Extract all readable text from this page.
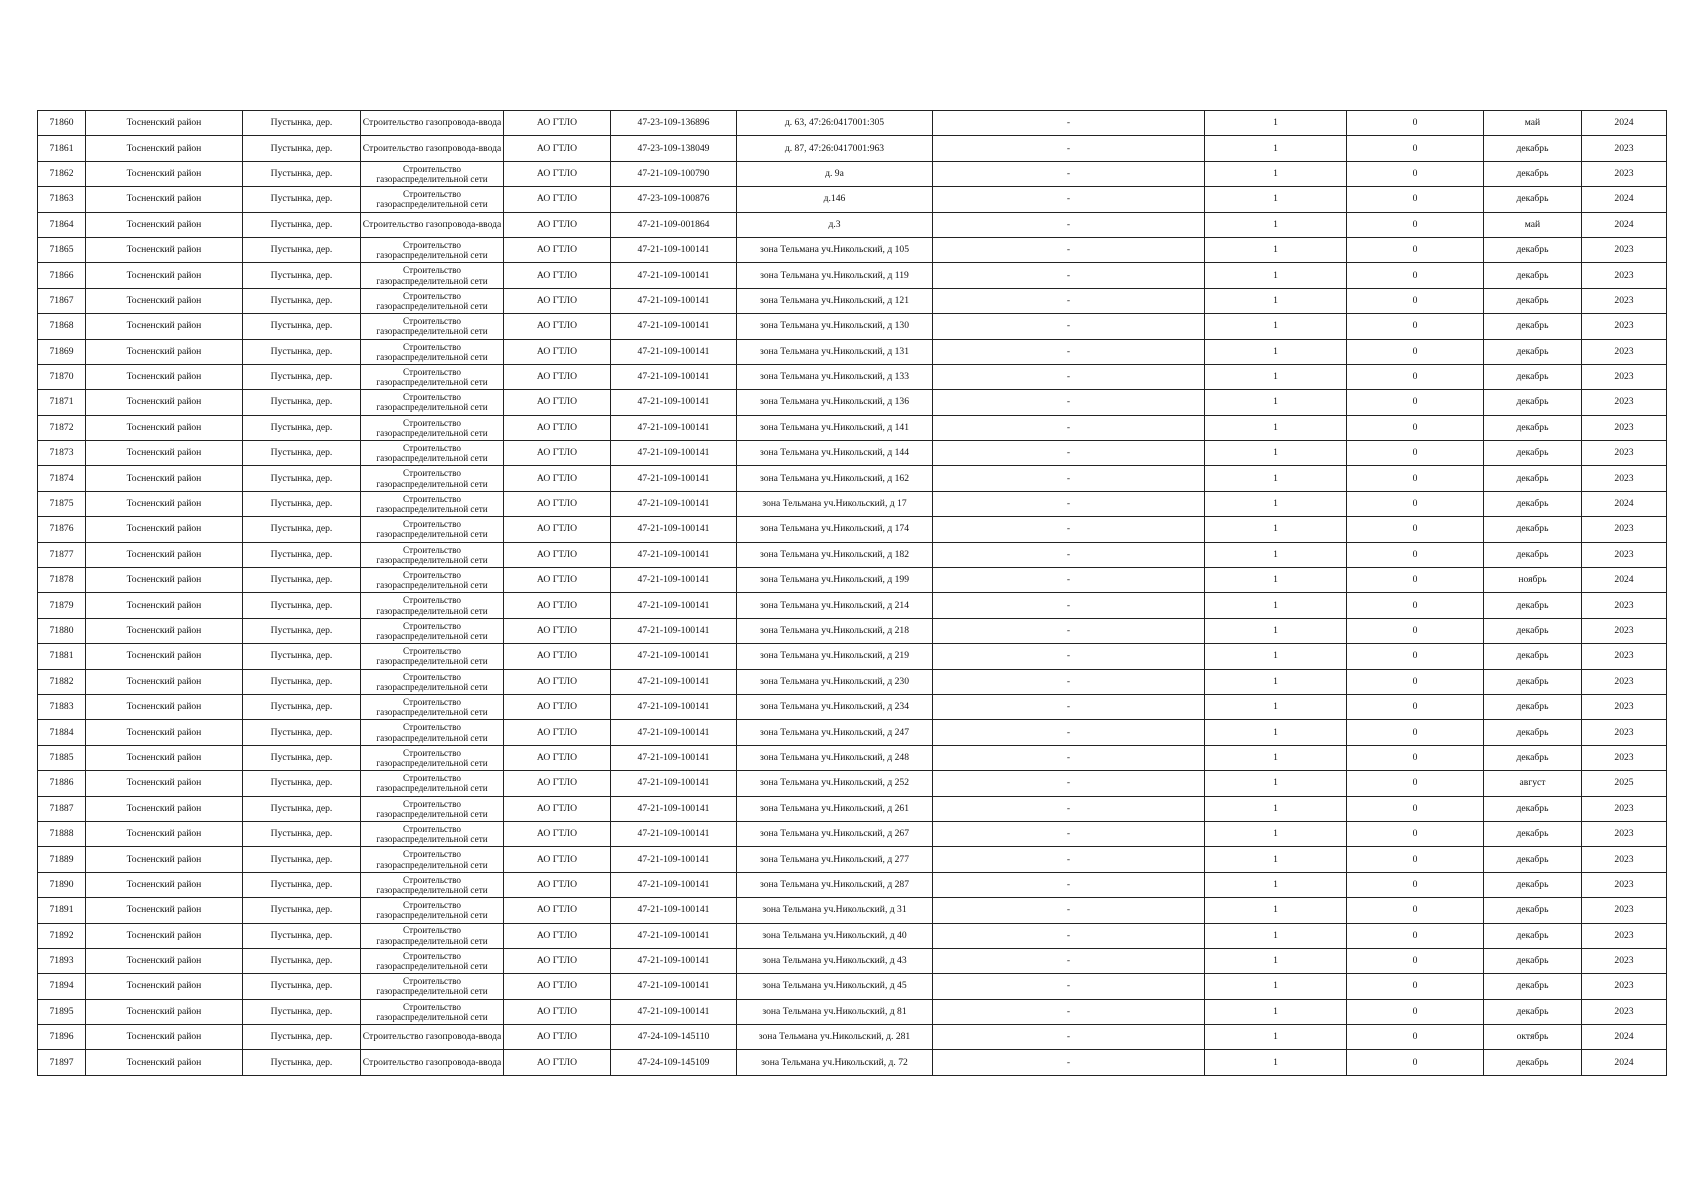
71860	Тосненский район	Пустынка, дер.	Строительство газопровода-ввода	АО ГТЛО	47-23-109-136896	д. 63, 47:26:0417001:305	-	1	0	май	2024
71861	Тосненский район	Пустынка, дер.	Строительство газопровода-ввода	АО ГТЛО	47-23-109-138049	д. 87, 47:26:0417001:963	-	1	0	декабрь	2023
71862	Тосненский район	Пустынка, дер.	Строительство газораспределительной сети	АО ГТЛО	47-21-109-100790	д. 9а	-	1	0	декабрь	2023
71863	Тосненский район	Пустынка, дер.	Строительство газораспределительной сети	АО ГТЛО	47-23-109-100876	д.146	-	1	0	декабрь	2024
71864	Тосненский район	Пустынка, дер.	Строительство газопровода-ввода	АО ГТЛО	47-21-109-001864	д.3	-	1	0	май	2024
71865	Тосненский район	Пустынка, дер.	Строительство газораспределительной сети	АО ГТЛО	47-21-109-100141	зона Тельмана уч.Никольский, д 105	-	1	0	декабрь	2023
71866	Тосненский район	Пустынка, дер.	Строительство газораспределительной сети	АО ГТЛО	47-21-109-100141	зона Тельмана уч.Никольский, д 119	-	1	0	декабрь	2023
71867	Тосненский район	Пустынка, дер.	Строительство газораспределительной сети	АО ГТЛО	47-21-109-100141	зона Тельмана уч.Никольский, д 121	-	1	0	декабрь	2023
71868	Тосненский район	Пустынка, дер.	Строительство газораспределительной сети	АО ГТЛО	47-21-109-100141	зона Тельмана уч.Никольский, д 130	-	1	0	декабрь	2023
71869	Тосненский район	Пустынка, дер.	Строительство газораспределительной сети	АО ГТЛО	47-21-109-100141	зона Тельмана уч.Никольский, д 131	-	1	0	декабрь	2023
71870	Тосненский район	Пустынка, дер.	Строительство газораспределительной сети	АО ГТЛО	47-21-109-100141	зона Тельмана уч.Никольский, д 133	-	1	0	декабрь	2023
71871	Тосненский район	Пустынка, дер.	Строительство газораспределительной сети	АО ГТЛО	47-21-109-100141	зона Тельмана уч.Никольский, д 136	-	1	0	декабрь	2023
71872	Тосненский район	Пустынка, дер.	Строительство газораспределительной сети	АО ГТЛО	47-21-109-100141	зона Тельмана уч.Никольский, д 141	-	1	0	декабрь	2023
71873	Тосненский район	Пустынка, дер.	Строительство газораспределительной сети	АО ГТЛО	47-21-109-100141	зона Тельмана уч.Никольский, д 144	-	1	0	декабрь	2023
71874	Тосненский район	Пустынка, дер.	Строительство газораспределительной сети	АО ГТЛО	47-21-109-100141	зона Тельмана уч.Никольский, д 162	-	1	0	декабрь	2023
71875	Тосненский район	Пустынка, дер.	Строительство газораспределительной сети	АО ГТЛО	47-21-109-100141	зона Тельмана уч.Никольский, д 17	-	1	0	декабрь	2024
71876	Тосненский район	Пустынка, дер.	Строительство газораспределительной сети	АО ГТЛО	47-21-109-100141	зона Тельмана уч.Никольский, д 174	-	1	0	декабрь	2023
71877	Тосненский район	Пустынка, дер.	Строительство газораспределительной сети	АО ГТЛО	47-21-109-100141	зона Тельмана уч.Никольский, д 182	-	1	0	декабрь	2023
71878	Тосненский район	Пустынка, дер.	Строительство газораспределительной сети	АО ГТЛО	47-21-109-100141	зона Тельмана уч.Никольский, д 199	-	1	0	ноябрь	2024
71879	Тосненский район	Пустынка, дер.	Строительство газораспределительной сети	АО ГТЛО	47-21-109-100141	зона Тельмана уч.Никольский, д 214	-	1	0	декабрь	2023
71880	Тосненский район	Пустынка, дер.	Строительство газораспределительной сети	АО ГТЛО	47-21-109-100141	зона Тельмана уч.Никольский, д 218	-	1	0	декабрь	2023
71881	Тосненский район	Пустынка, дер.	Строительство газораспределительной сети	АО ГТЛО	47-21-109-100141	зона Тельмана уч.Никольский, д 219	-	1	0	декабрь	2023
71882	Тосненский район	Пустынка, дер.	Строительство газораспределительной сети	АО ГТЛО	47-21-109-100141	зона Тельмана уч.Никольский, д 230	-	1	0	декабрь	2023
71883	Тосненский район	Пустынка, дер.	Строительство газораспределительной сети	АО ГТЛО	47-21-109-100141	зона Тельмана уч.Никольский, д 234	-	1	0	декабрь	2023
71884	Тосненский район	Пустынка, дер.	Строительство газораспределительной сети	АО ГТЛО	47-21-109-100141	зона Тельмана уч.Никольский, д 247	-	1	0	декабрь	2023
71885	Тосненский район	Пустынка, дер.	Строительство газораспределительной сети	АО ГТЛО	47-21-109-100141	зона Тельмана уч.Никольский, д 248	-	1	0	декабрь	2023
71886	Тосненский район	Пустынка, дер.	Строительство газораспределительной сети	АО ГТЛО	47-21-109-100141	зона Тельмана уч.Никольский, д 252	-	1	0	август	2025
71887	Тосненский район	Пустынка, дер.	Строительство газораспределительной сети	АО ГТЛО	47-21-109-100141	зона Тельмана уч.Никольский, д 261	-	1	0	декабрь	2023
71888	Тосненский район	Пустынка, дер.	Строительство газораспределительной сети	АО ГТЛО	47-21-109-100141	зона Тельмана уч.Никольский, д 267	-	1	0	декабрь	2023
71889	Тосненский район	Пустынка, дер.	Строительство газораспределительной сети	АО ГТЛО	47-21-109-100141	зона Тельмана уч.Никольский, д 277	-	1	0	декабрь	2023
71890	Тосненский район	Пустынка, дер.	Строительство газораспределительной сети	АО ГТЛО	47-21-109-100141	зона Тельмана уч.Никольский, д 287	-	1	0	декабрь	2023
71891	Тосненский район	Пустынка, дер.	Строительство газораспределительной сети	АО ГТЛО	47-21-109-100141	зона Тельмана уч.Никольский, д 31	-	1	0	декабрь	2023
71892	Тосненский район	Пустынка, дер.	Строительство газораспределительной сети	АО ГТЛО	47-21-109-100141	зона Тельмана уч.Никольский, д 40	-	1	0	декабрь	2023
71893	Тосненский район	Пустынка, дер.	Строительство газораспределительной сети	АО ГТЛО	47-21-109-100141	зона Тельмана уч.Никольский, д 43	-	1	0	декабрь	2023
71894	Тосненский район	Пустынка, дер.	Строительство газораспределительной сети	АО ГТЛО	47-21-109-100141	зона Тельмана уч.Никольский, д 45	-	1	0	декабрь	2023
71895	Тосненский район	Пустынка, дер.	Строительство газораспределительной сети	АО ГТЛО	47-21-109-100141	зона Тельмана уч.Никольский, д 81	-	1	0	декабрь	2023
71896	Тосненский район	Пустынка, дер.	Строительство газопровода-ввода	АО ГТЛО	47-24-109-145110	зона Тельмана уч.Никольский, д. 281	-	1	0	октябрь	2024
71897	Тосненский район	Пустынка, дер.	Строительство газопровода-ввода	АО ГТЛО	47-24-109-145109	зона Тельмана уч.Никольский, д. 72	-	1	0	декабрь	2024
